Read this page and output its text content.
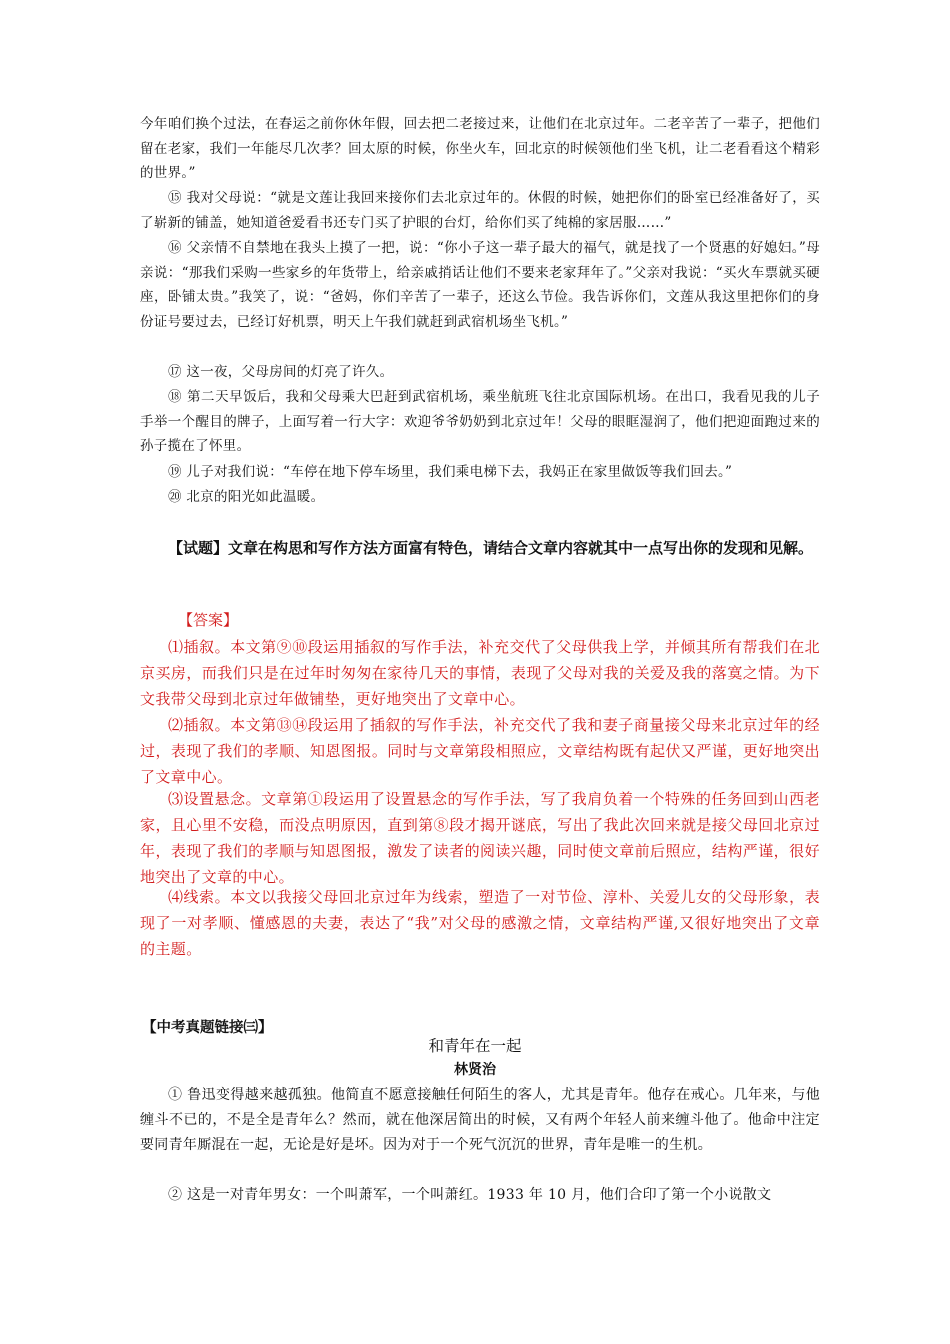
今年咱们换个过法，在春运之前你休年假，回去把二老接过来，让他们在北京过年。二老辛苦了一辈子，把他们留在老家，我们一年能尽几次孝？回太原的时候，你坐火车，回北京的时候领他们坐飞机，让二老看看这个精彩的世界。”
⑮ 我对父母说：“就是文莲让我回来接你们去北京过年的。休假的时候，她把你们的卧室已经准备好了，买了崭新的铺盖，她知道爸爱看书还专门买了护眼的台灯，给你们买了纯棉的家居服……”
⑯ 父亲情不自禁地在我头上摸了一把，说：“你小子这一辈子最大的福气，就是找了一个贤惠的好媳妇。”母亲说：“那我们采购一些家乡的年货带上，给亲戚捎话让他们不要来老家拜年了。”父亲对我说：“买火车票就买硬座，卧铺太贵。”我笑了，说：“爸妈，你们辛苦了一辈子，还这么节俭。我告诉你们，文莲从我这里把你们的身份证号要过去，已经订好机票，明天上午我们就赶到武宿机场坐飞机。”
⑰ 这一夜，父母房间的灯亮了许久。
⑱ 第二天早饭后，我和父母乘大巴赶到武宿机场，乘坐航班飞往北京国际机场。在出口，我看见我的儿子手举一个醒目的牌子，上面写着一行大字：欢迎爷爷奶奶到北京过年！父母的眼眶湿润了，他们把迎面跑过来的孙子揽在了怀里。
⑲ 儿子对我们说：“车停在地下停车场里，我们乘电梯下去，我妈正在家里做饭等我们回去。”
⑳ 北京的阳光如此温暖。
【试题】文章在构思和写作方法方面富有特色，请结合文章内容就其中一点写出你的发现和见解。
【答案】
⑴插叙。本文第⑨⑩段运用插叙的写作手法，补充交代了父母供我上学，并倾其所有帮我们在北京买房，而我们只是在过年时匆匆在家待几天的事情，表现了父母对我的关爱及我的落寞之情。为下文我带父母到北京过年做铺垫，更好地突出了文章中心。
⑵插叙。本文第⑬⑭段运用了插叙的写作手法，补充交代了我和妻子商量接父母来北京过年的经过，表现了我们的孝顺、知恩图报。同时与文章第段相照应，文章结构既有起伏又严谨，更好地突出了文章中心。
⑶设置悬念。文章第①段运用了设置悬念的写作手法，写了我肩负着一个特殊的任务回到山西老家，且心里不安稳，而没点明原因，直到第⑧段才揭开谜底，写出了我此次回来就是接父母回北京过年，表现了我们的孝顺与知恩图报，激发了读者的阅读兴趣，同时使文章前后照应，结构严谨，很好地突出了文章的中心。
⑷线索。本文以我接父母回北京过年为线索，塑造了一对节俭、淳朴、关爱儿女的父母形象，表现了一对孝顺、懂感恩的夫妻，表达了“我”对父母的感激之情，文章结构严谨,又很好地突出了文章的主题。
【中考真题链接㈢】
和青年在一起
林贤治
① 鲁迅变得越来越孤独。他简直不愿意接触任何陌生的客人，尤其是青年。他存在戒心。几年来，与他缠斗不已的，不是全是青年么？然而，就在他深居简出的时候，又有两个年轻人前来缠斗他了。他命中注定要同青年厮混在一起，无论是好是坏。因为对于一个死气沉沉的世界，青年是唯一的生机。
② 这是一对青年男女：一个叫萧军，一个叫萧红。1933 年 10 月，他们合印了第一个小说散文
